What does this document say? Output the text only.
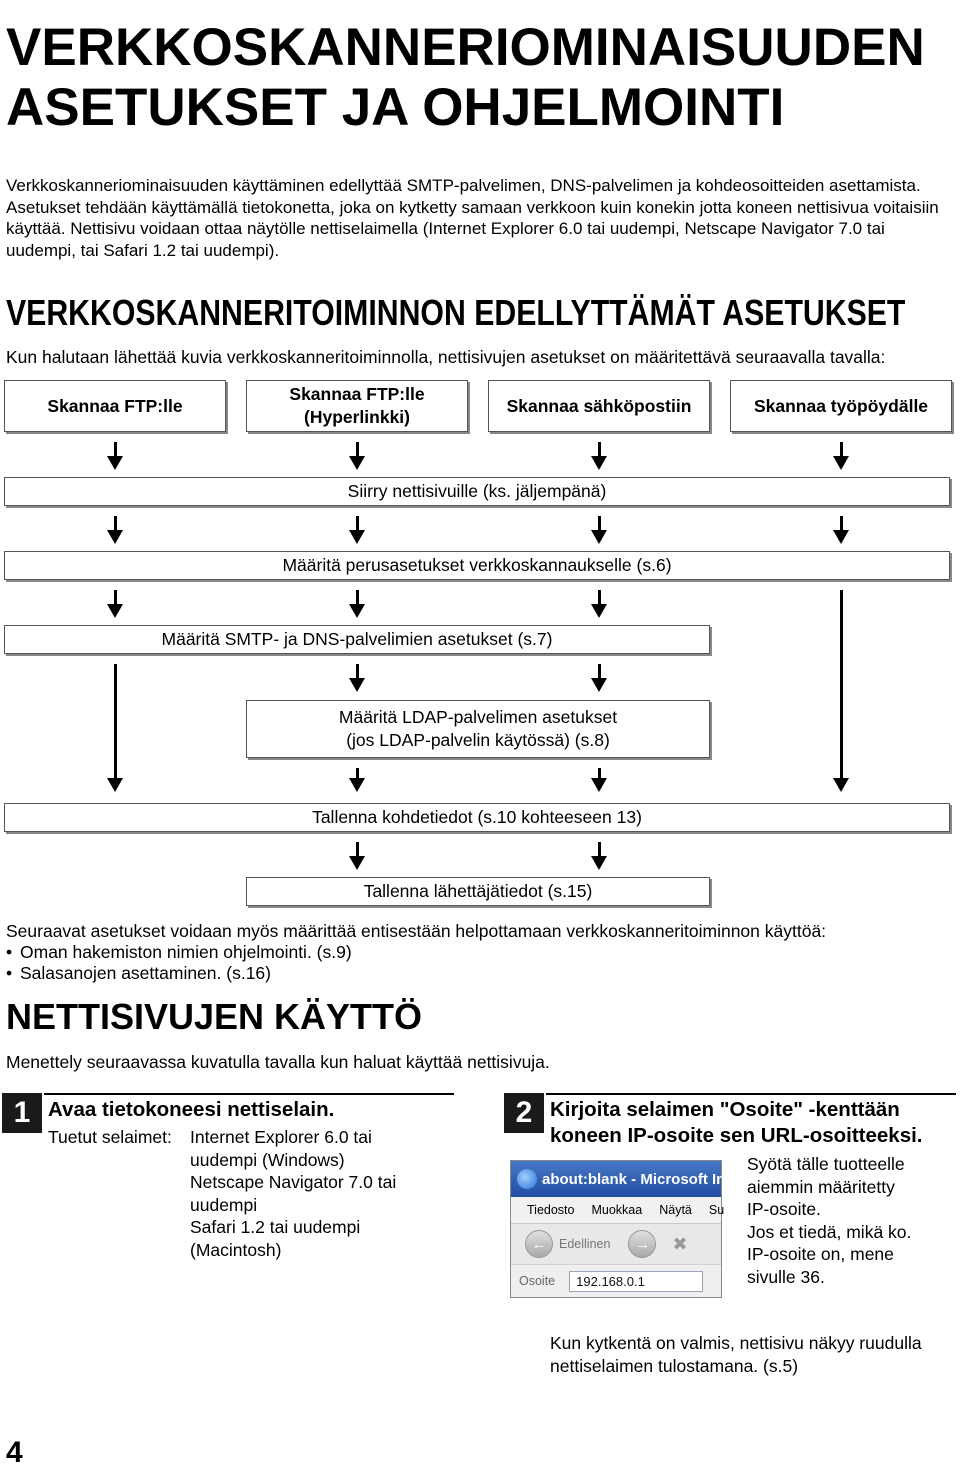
VERKKOSKANNERIOMINAISUUDEN ASETUKSET JA OHJELMOINTI

Verkkoskanneriominaisuuden käyttäminen edellyttää SMTP-palvelimen, DNS-palvelimen ja kohdeosoitteiden asettamista.

Asetukset tehdään käyttämällä tietokonetta, joka on kytketty samaan verkkoon kuin konekin jotta koneen nettisivua voitaisiin käyttää. Nettisivu voidaan ottaa näytölle nettiselaimella (Internet Explorer 6.0 tai uudempi, Netscape Navigator 7.0 tai uudempi, tai Safari 1.2 tai uudempi).

VERKKOSKANNERITOIMINNON EDELLYTTÄMÄT ASETUKSET
Kun halutaan lähettää kuvia verkkoskanneritoiminnolla, nettisivujen asetukset on määritettävä seuraavalla tavalla:
Skannaa FTP:lle
Skannaa FTP:lle
(Hyperlinkki)
Skannaa sähköpostiin	Skannaa työpöydälle
Siirry nettisivuille (ks. jäljempänä)
Määritä perusasetukset verkkoskannaukselle (s.6)
Määritä SMTP- ja DNS-palvelimien asetukset (s.7)
Määritä LDAP-palvelimen asetukset
(jos LDAP-palvelin käytössä) (s.8)
Tallenna kohdetiedot (s.10 kohteeseen 13)
Tallenna lähettäjätiedot (s.15)

Seuraavat asetukset voidaan myös määrittää entisestään helpottamaan verkkoskanneritoiminnon käyttöä:

• Oman hakemiston nimien ohjelmointi. (s.9)

• Salasanojen asettaminen. (s.16)

NETTISIVUJEN KÄYTTÖ
Menettely seuraavassa kuvatulla tavalla kun haluat käyttää nettisivuja.
1 Avaa tietokoneesi nettiselain.
Tuetut selaimet: Internet Explorer 6.0 tai
uudempi (Windows)
Netscape Navigator 7.0 tai
uudempi
Safari 1.2 tai uudempi
(Macintosh)
2 Kirjoita selaimen "Osoite" -kenttään
koneen IP-osoite sen URL-osoitteeksi.
about:blank - Microsoft In
Tiedosto Muokkaa Näytä Su
←	Edellinen	→	✖
Osoite	192.168.0.1
Syötä tälle tuotteelle
aiemmin määritetty
IP-osoite.
Jos et tiedä, mikä ko.
IP-osoite on, mene
sivulle 36.
Kun kytkentä on valmis, nettisivu näkyy ruudulla
nettiselaimen tulostamana. (s.5)
4
